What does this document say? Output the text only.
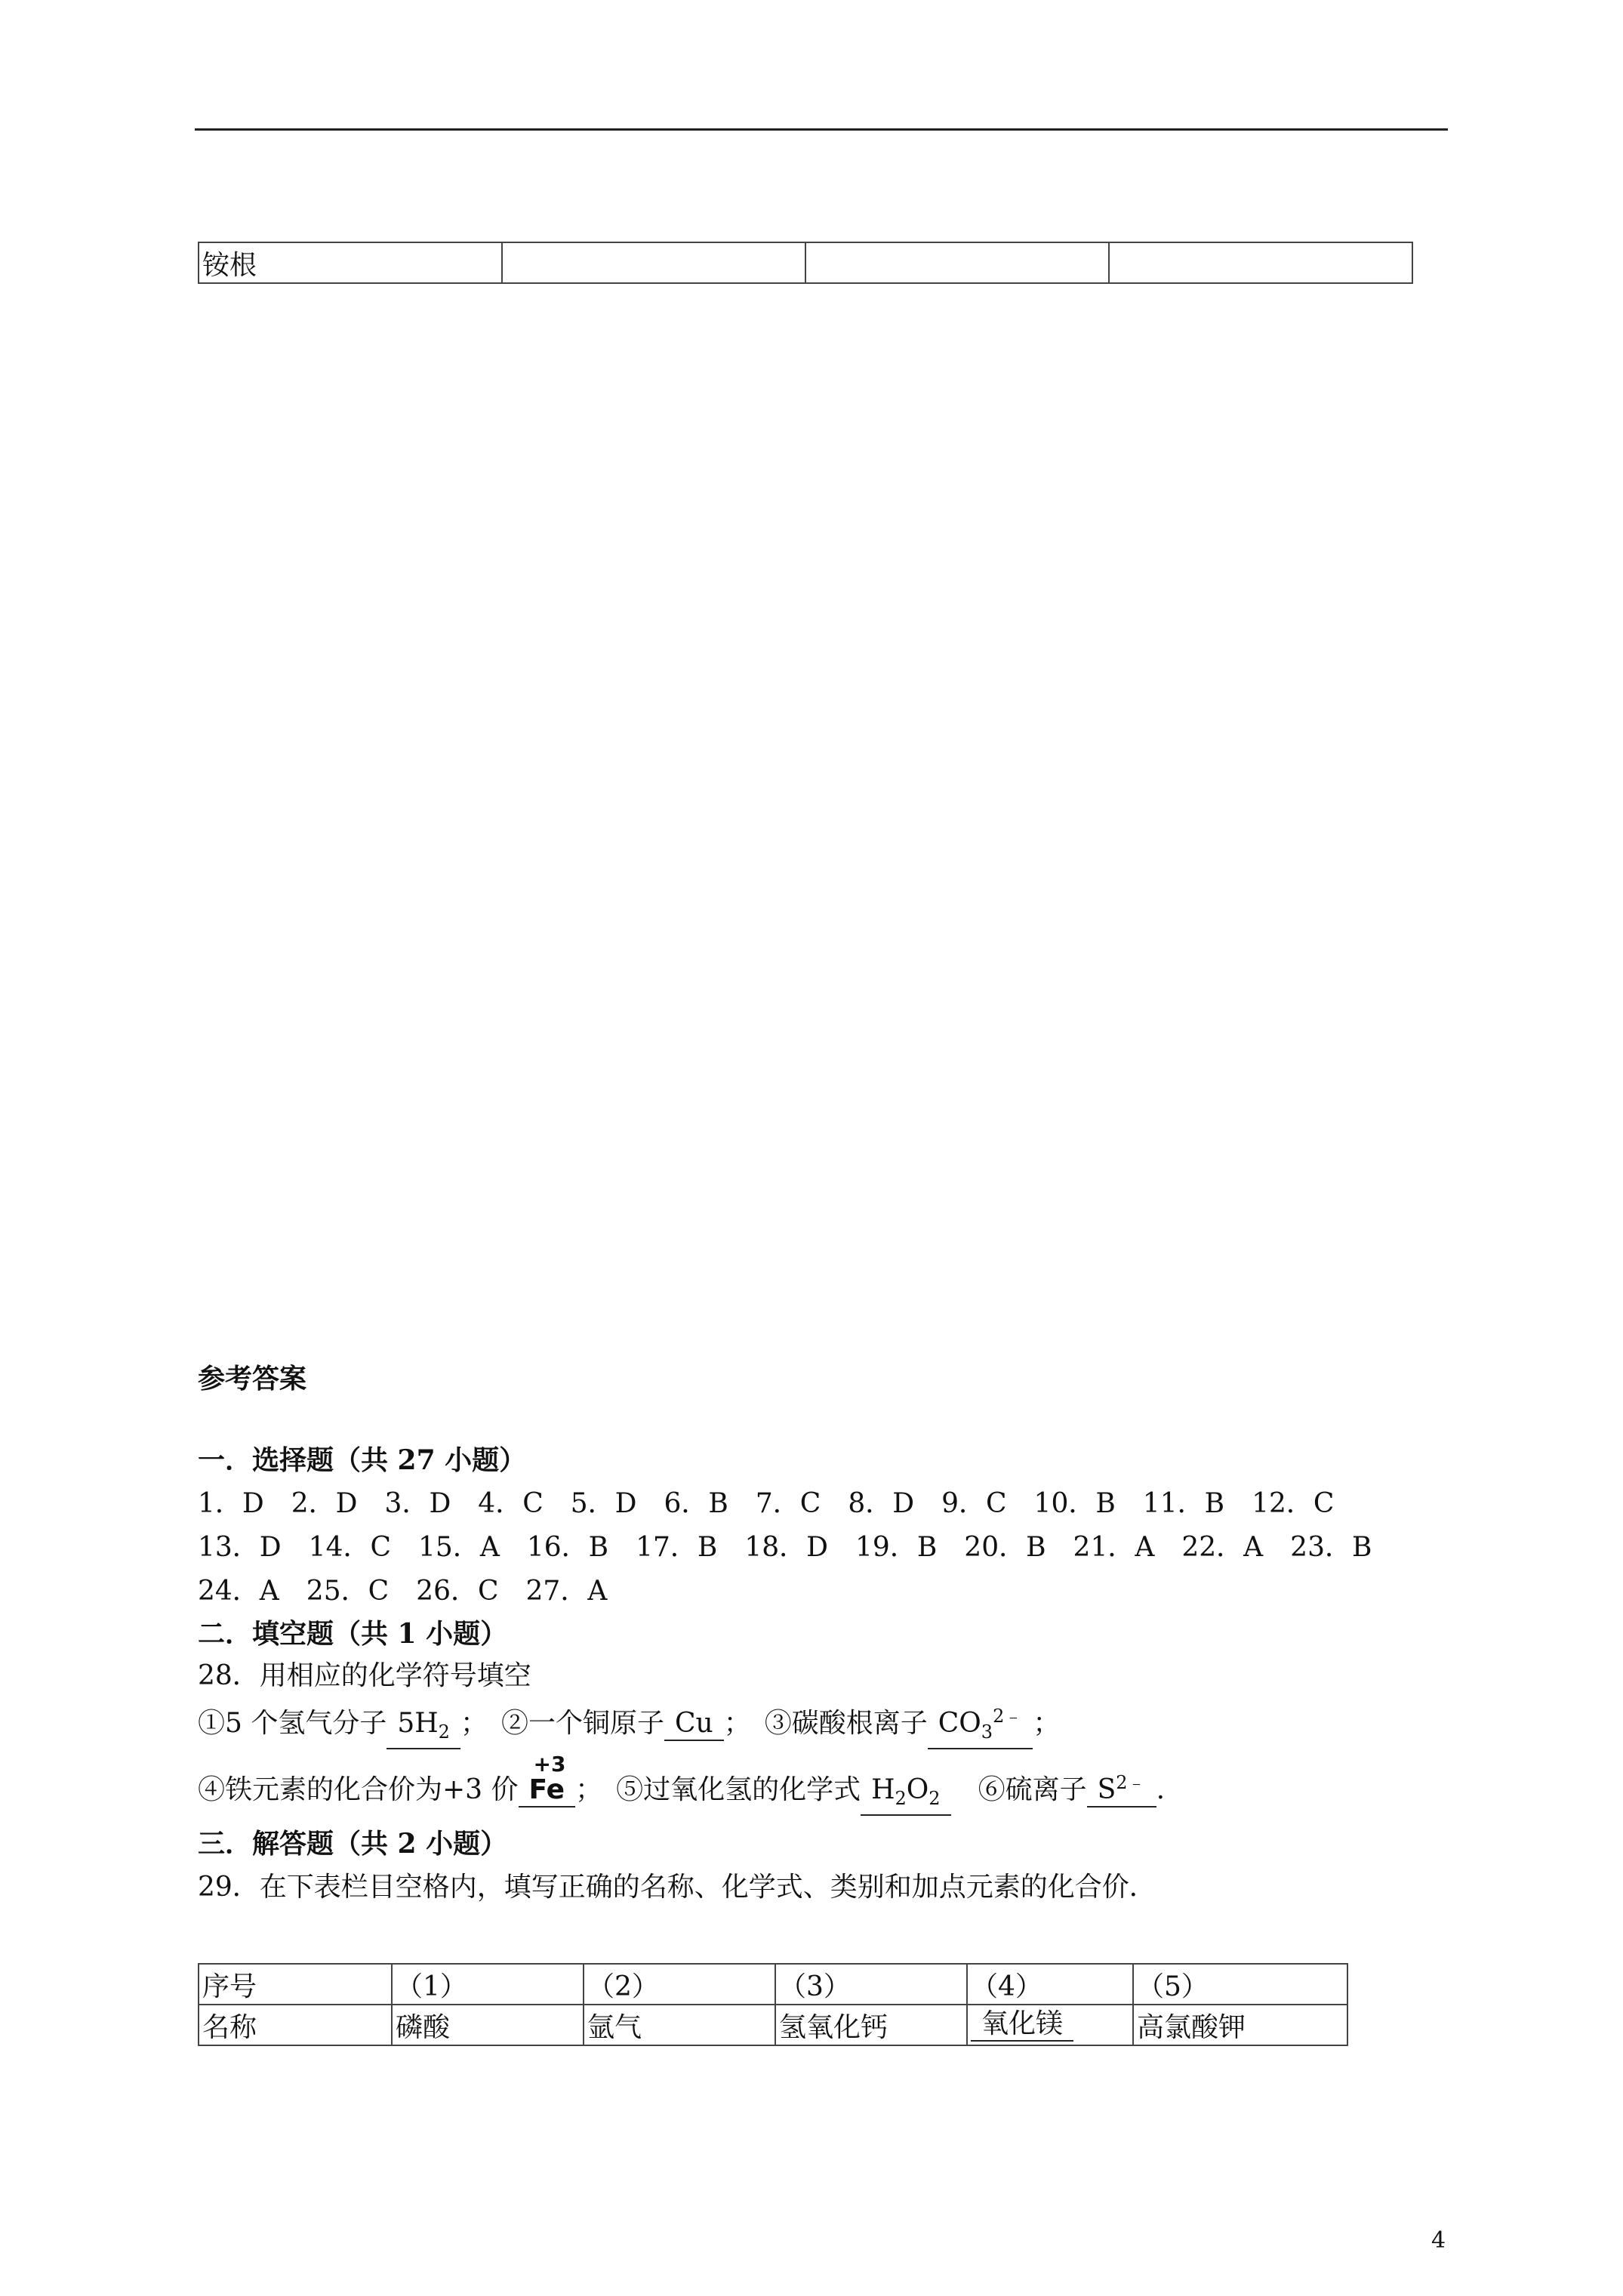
铵根			
参考答案
一．选择题（共 27 小题）
1．D　2．D　3．D　4．C　5．D　6．B　7．C　8．D　9．C　10．B　11．B　12．C
13．D　14．C　15．A　16．B　17．B　18．D　19．B　20．B　21．A　22．A　23．B
24．A　25．C　26．C　27．A
二．填空题（共 1 小题）
28．用相应的化学符号填空
①5 个氢气分子 $5H_2$ ；　②一个铜原子 Cu ；　③碳酸根离子 $CO_3^{2﹣}$ ；
④铁元素的化合价为+3 价
+3
Fe ；　⑤过氧化氢的化学式 $H_2O_2$　 ⑥硫离子 $S^{2﹣}$ .
三．解答题（共 2 小题）
29．在下表栏目空格内，填写正确的名称、化学式、类别和加点元素的化合价．
序号	（1）	（2）	（3）	（4）	（5）
名称	磷酸	氩气	氢氧化钙	氧化镁	高氯酸钾
4
